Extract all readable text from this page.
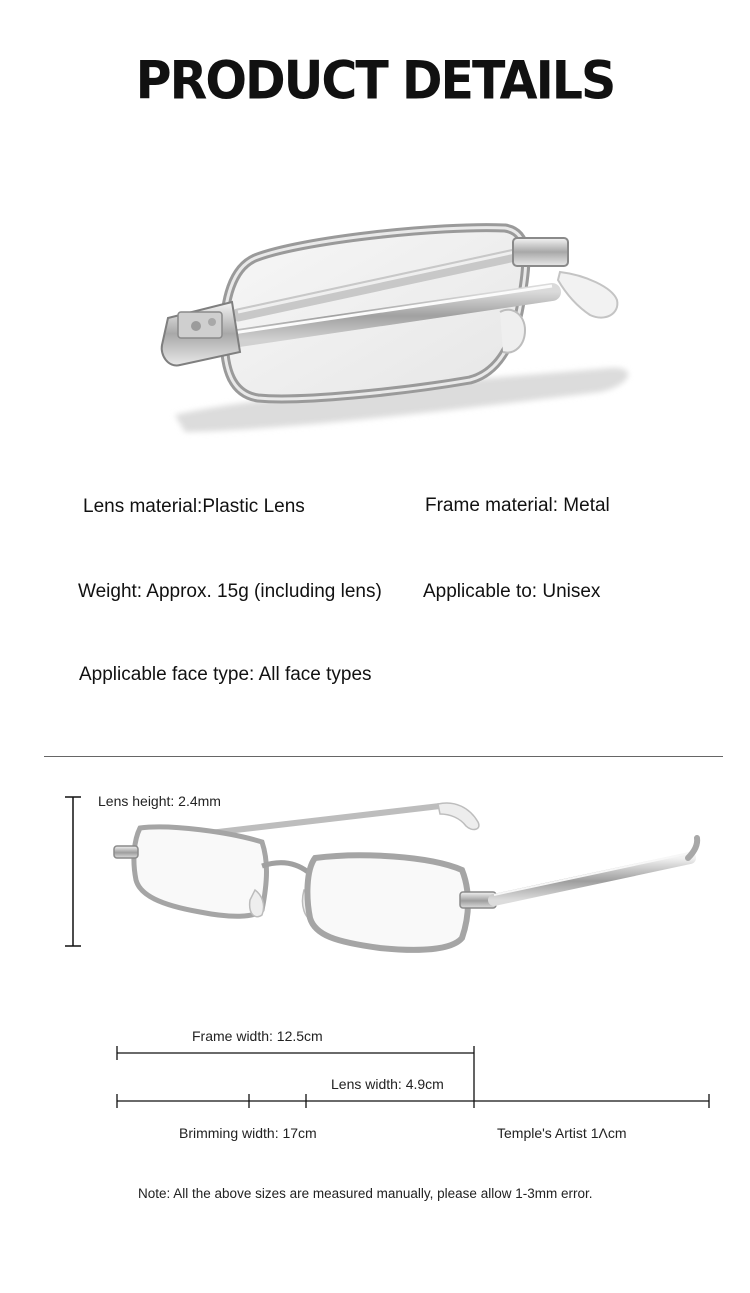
PRODUCT DETAILS
Lens material:Plastic Lens	Frame material: Metal
Weight: Approx. 15g (including lens) Applicable to: Unisex
Applicable face type: All face types
Lens height: 2.4mm
Frame width: 12.5cm
Lens width: 4.9cm
Brimming width: 17cm	Temple's Artist 1Λcm
Note: All the above sizes are measured manually, please allow 1-3mm error.
